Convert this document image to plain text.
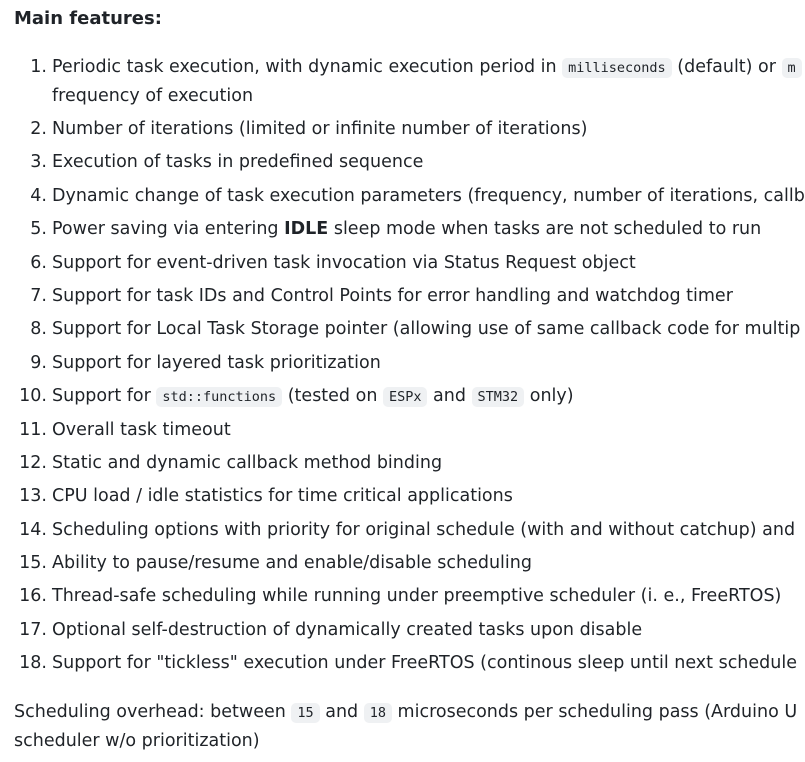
Main features:
1. Periodic task execution, with dynamic execution period in milliseconds (default) or m
frequency of execution
2. Number of iterations (limited or infinite number of iterations)
3. Execution of tasks in predefined sequence
4. Dynamic change of task execution parameters (frequency, number of iterations, callb
5. Power saving via entering IDLE sleep mode when tasks are not scheduled to run
6. Support for event-driven task invocation via Status Request object
7. Support for task IDs and Control Points for error handling and watchdog timer
8. Support for Local Task Storage pointer (allowing use of same callback code for multip
9. Support for layered task prioritization
10. Support for std::functions (tested on ESPx and STM32 only)
11. Overall task timeout
12. Static and dynamic callback method binding
13. CPU load / idle statistics for time critical applications
14. Scheduling options with priority for original schedule (with and without catchup) and
15. Ability to pause/resume and enable/disable scheduling
16. Thread-safe scheduling while running under preemptive scheduler (i. e., FreeRTOS)
17. Optional self-destruction of dynamically created tasks upon disable
18. Support for "tickless" execution under FreeRTOS (continous sleep until next schedule
Scheduling overhead: between 15 and 18 microseconds per scheduling pass (Arduino U
scheduler w/o prioritization)
